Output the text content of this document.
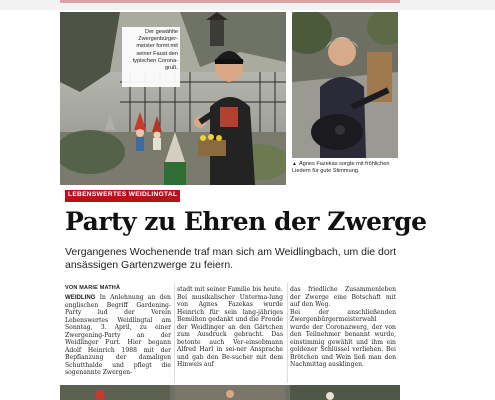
Der gewählte Zwergenbürger-meister formt mit seiner Faust den typischen Corona-gruß.
▲ Agnes Fazekas sorgte mit fröhlichen Liedern für gute Stimmung.
LEBENSWERTES WEIDLINGTAL
Party zu Ehren der Zwerge
Vergangenes Wochenende traf man sich am Weidlingbach, um die dort ansässigen Gartenzwerge zu feiern.
VON MARIE MATHÀ
WEIDLING In Anlehnung an den englischen Begriff Gardening-Party lud der Verein Lebenswertes Weidlingtal am Sonntag, 3. April, zu einer Zwergening-Party an der Weidlinger Furt. Hier begann Adolf Heinrich 1988 mit der Bepflanzung der damaligen Schutthalde und pflegt die sogenannte Zwergen-
stadt mit seiner Familie bis heute.
Bei musikalischer Unterma-lung von Agnes Fazekas wurde Heinrich für sein lang-jähriges Bemühen gedankt und die Freude der Weidlinger an den Gärtchen zum Ausdruck gebracht. Das betonte auch Ver-einsobmann Alfred Harl in sei-ner Ansprache und gab den Be-sucher mit dem Hinweis auf
das friedliche Zusammenleben der Zwerge eine Botschaft mit auf den Weg.
Bei der anschließenden Zwergenbürgermeisterwahl wurde der Coronazwerg, der von den Teilnehmer benannt wurde, einstimmig gewählt und ihm ein goldener Schlüssel verliehen. Bei Brötchen und Wein ließ man den Nachmittag ausklingen.
